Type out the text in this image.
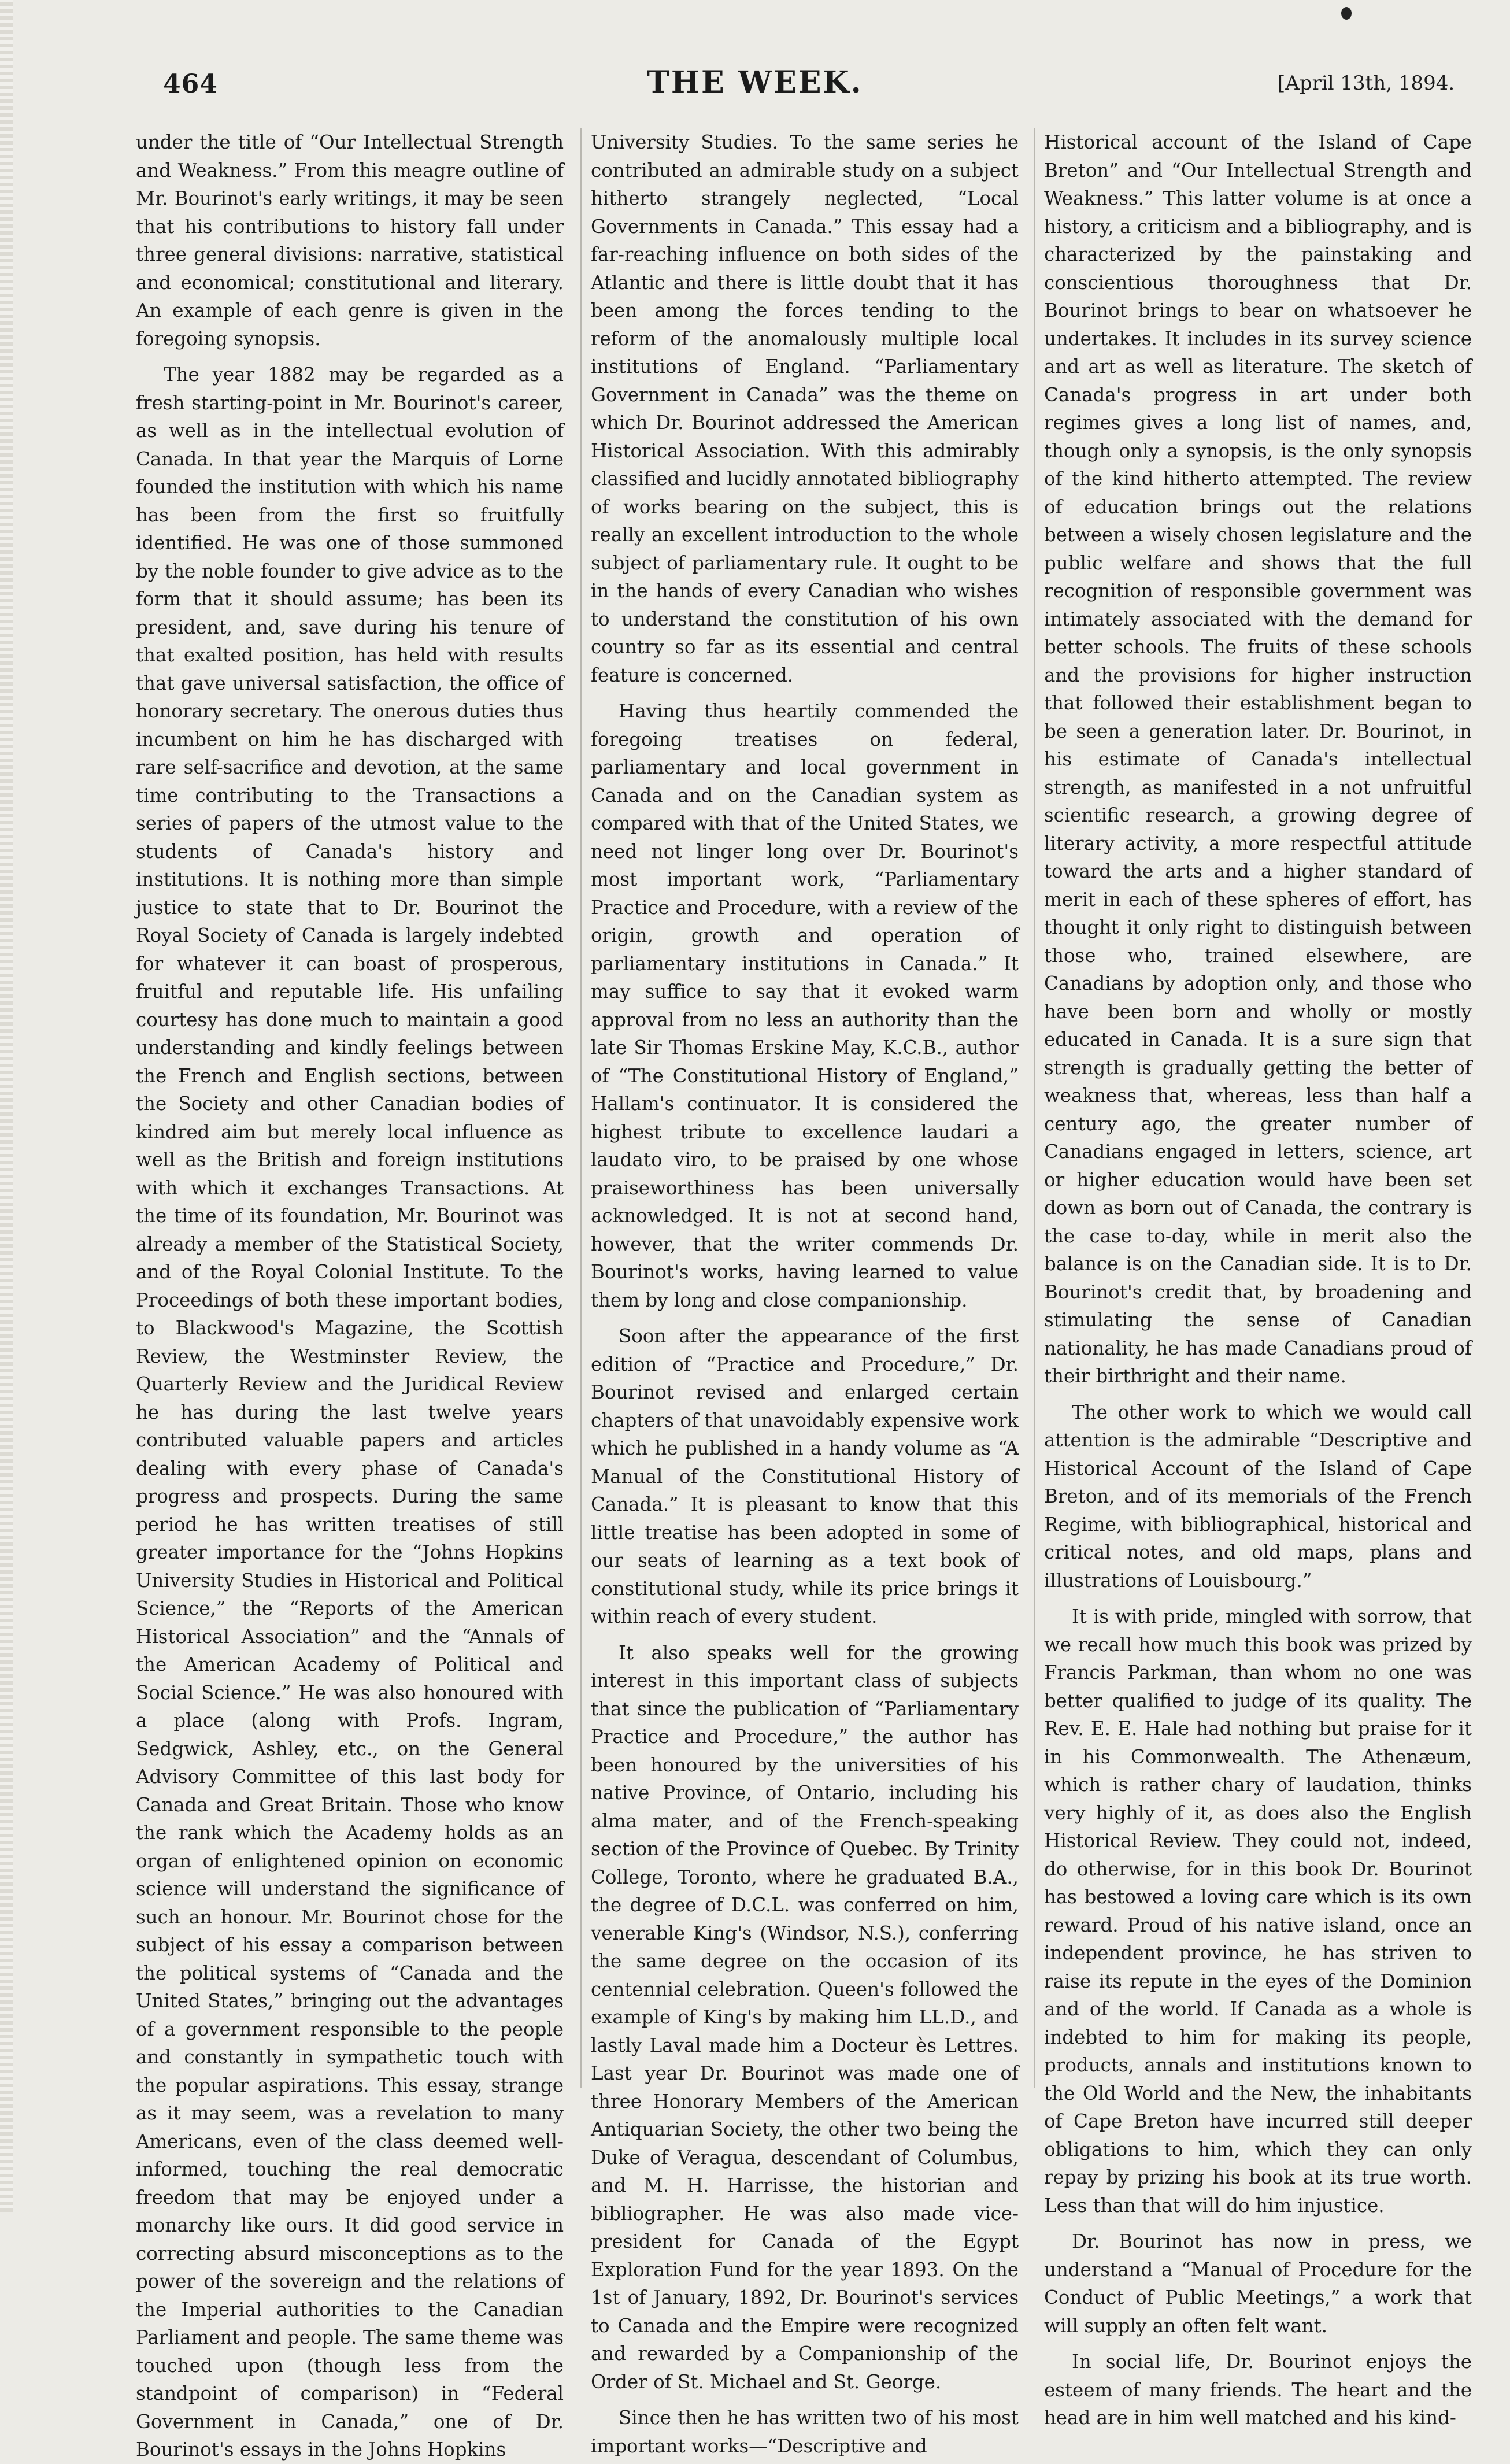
464	THE WEEK.	[April 13th, 1894.

under the title of “Our Intellectual Strength and Weakness.” From this meagre outline of Mr. Bourinot's early writings, it may be seen that his contributions to history fall under three general divisions: narrative, statistical and economical; constitutional and literary. An example of each genre is given in the foregoing synopsis.

The year 1882 may be regarded as a fresh starting-point in Mr. Bourinot's career, as well as in the intellectual evolution of Canada. In that year the Marquis of Lorne founded the institution with which his name has been from the first so fruitfully identified. He was one of those summoned by the noble founder to give advice as to the form that it should assume; has been its president, and, save during his tenure of that exalted position, has held with results that gave universal satisfaction, the office of honorary secretary. The onerous duties thus incumbent on him he has discharged with rare self-sacrifice and devotion, at the same time contributing to the Transactions a series of papers of the utmost value to the students of Canada's history and institutions. It is nothing more than simple justice to state that to Dr. Bourinot the Royal Society of Canada is largely indebted for whatever it can boast of prosperous, fruitful and reputable life. His unfailing courtesy has done much to maintain a good understanding and kindly feelings between the French and English sections, between the Society and other Canadian bodies of kindred aim but merely local influence as well as the British and foreign institutions with which it exchanges Transactions. At the time of its foundation, Mr. Bourinot was already a member of the Statistical Society, and of the Royal Colonial Institute. To the Proceedings of both these important bodies, to Blackwood's Magazine, the Scottish Review, the Westminster Review, the Quarterly Review and the Juridical Review he has during the last twelve years contributed valuable papers and articles dealing with every phase of Canada's progress and prospects. During the same period he has written treatises of still greater importance for the “Johns Hopkins University Studies in Historical and Political Science,” the “Reports of the American Historical Association” and the “Annals of the American Academy of Political and Social Science.” He was also honoured with a place (along with Profs. Ingram, Sedgwick, Ashley, etc., on the General Advisory Committee of this last body for Canada and Great Britain. Those who know the rank which the Academy holds as an organ of enlightened opinion on economic science will understand the significance of such an honour. Mr. Bourinot chose for the subject of his essay a comparison between the political systems of “Canada and the United States,” bringing out the advantages of a government responsible to the people and constantly in sympathetic touch with the popular aspirations. This essay, strange as it may seem, was a revelation to many Americans, even of the class deemed well-informed, touching the real democratic freedom that may be enjoyed under a monarchy like ours. It did good service in correcting absurd misconceptions as to the power of the sovereign and the relations of the Imperial authorities to the Canadian Parliament and people. The same theme was touched upon (though less from the standpoint of comparison) in “Federal Government in Canada,” one of Dr. Bourinot's essays in the Johns Hopkins

University Studies. To the same series he contributed an admirable study on a subject hitherto strangely neglected, “Local Governments in Canada.” This essay had a far-reaching influence on both sides of the Atlantic and there is little doubt that it has been among the forces tending to the reform of the anomalously multiple local institutions of England. “Parliamentary Government in Canada” was the theme on which Dr. Bourinot addressed the American Historical Association. With this admirably classified and lucidly annotated bibliography of works bearing on the subject, this is really an excellent introduction to the whole subject of parliamentary rule. It ought to be in the hands of every Canadian who wishes to understand the constitution of his own country so far as its essential and central feature is concerned.

Having thus heartily commended the foregoing treatises on federal, parliamentary and local government in Canada and on the Canadian system as compared with that of the United States, we need not linger long over Dr. Bourinot's most important work, “Parliamentary Practice and Procedure, with a review of the origin, growth and operation of parliamentary institutions in Canada.” It may suffice to say that it evoked warm approval from no less an authority than the late Sir Thomas Erskine May, K.C.B., author of “The Constitutional History of England,” Hallam's continuator. It is considered the highest tribute to excellence laudari a laudato viro, to be praised by one whose praiseworthiness has been universally acknowledged. It is not at second hand, however, that the writer commends Dr. Bourinot's works, having learned to value them by long and close companionship.

Soon after the appearance of the first edition of “Practice and Procedure,” Dr. Bourinot revised and enlarged certain chapters of that unavoidably expensive work which he published in a handy volume as “A Manual of the Constitutional History of Canada.” It is pleasant to know that this little treatise has been adopted in some of our seats of learning as a text book of constitutional study, while its price brings it within reach of every student.

It also speaks well for the growing interest in this important class of subjects that since the publication of “Parliamentary Practice and Procedure,” the author has been honoured by the universities of his native Province, of Ontario, including his alma mater, and of the French-speaking section of the Province of Quebec. By Trinity College, Toronto, where he graduated B.A., the degree of D.C.L. was conferred on him, venerable King's (Windsor, N.S.), conferring the same degree on the occasion of its centennial celebration. Queen's followed the example of King's by making him LL.D., and lastly Laval made him a Docteur ès Lettres. Last year Dr. Bourinot was made one of three Honorary Members of the American Antiquarian Society, the other two being the Duke of Veragua, descendant of Columbus, and M. H. Harrisse, the historian and bibliographer. He was also made vice-president for Canada of the Egypt Exploration Fund for the year 1893. On the 1st of January, 1892, Dr. Bourinot's services to Canada and the Empire were recognized and rewarded by a Companionship of the Order of St. Michael and St. George.

Since then he has written two of his most important works—“Descriptive and

Historical account of the Island of Cape Breton” and “Our Intellectual Strength and Weakness.” This latter volume is at once a history, a criticism and a bibliography, and is characterized by the painstaking and conscientious thoroughness that Dr. Bourinot brings to bear on whatsoever he undertakes. It includes in its survey science and art as well as literature. The sketch of Canada's progress in art under both regimes gives a long list of names, and, though only a synopsis, is the only synopsis of the kind hitherto attempted. The review of education brings out the relations between a wisely chosen legislature and the public welfare and shows that the full recognition of responsible government was intimately associated with the demand for better schools. The fruits of these schools and the provisions for higher instruction that followed their establishment began to be seen a generation later. Dr. Bourinot, in his estimate of Canada's intellectual strength, as manifested in a not unfruitful scientific research, a growing degree of literary activity, a more respectful attitude toward the arts and a higher standard of merit in each of these spheres of effort, has thought it only right to distinguish between those who, trained elsewhere, are Canadians by adoption only, and those who have been born and wholly or mostly educated in Canada. It is a sure sign that strength is gradually getting the better of weakness that, whereas, less than half a century ago, the greater number of Canadians engaged in letters, science, art or higher education would have been set down as born out of Canada, the contrary is the case to-day, while in merit also the balance is on the Canadian side. It is to Dr. Bourinot's credit that, by broadening and stimulating the sense of Canadian nationality, he has made Canadians proud of their birthright and their name.

The other work to which we would call attention is the admirable “Descriptive and Historical Account of the Island of Cape Breton, and of its memorials of the French Regime, with bibliographical, historical and critical notes, and old maps, plans and illustrations of Louisbourg.”

It is with pride, mingled with sorrow, that we recall how much this book was prized by Francis Parkman, than whom no one was better qualified to judge of its quality. The Rev. E. E. Hale had nothing but praise for it in his Commonwealth. The Athenæum, which is rather chary of laudation, thinks very highly of it, as does also the English Historical Review. They could not, indeed, do otherwise, for in this book Dr. Bourinot has bestowed a loving care which is its own reward. Proud of his native island, once an independent province, he has striven to raise its repute in the eyes of the Dominion and of the world. If Canada as a whole is indebted to him for making its people, products, annals and institutions known to the Old World and the New, the inhabitants of Cape Breton have incurred still deeper obligations to him, which they can only repay by prizing his book at its true worth. Less than that will do him injustice.

Dr. Bourinot has now in press, we understand a “Manual of Procedure for the Conduct of Public Meetings,” a work that will supply an often felt want.

In social life, Dr. Bourinot enjoys the esteem of many friends. The heart and the head are in him well matched and his kind-
